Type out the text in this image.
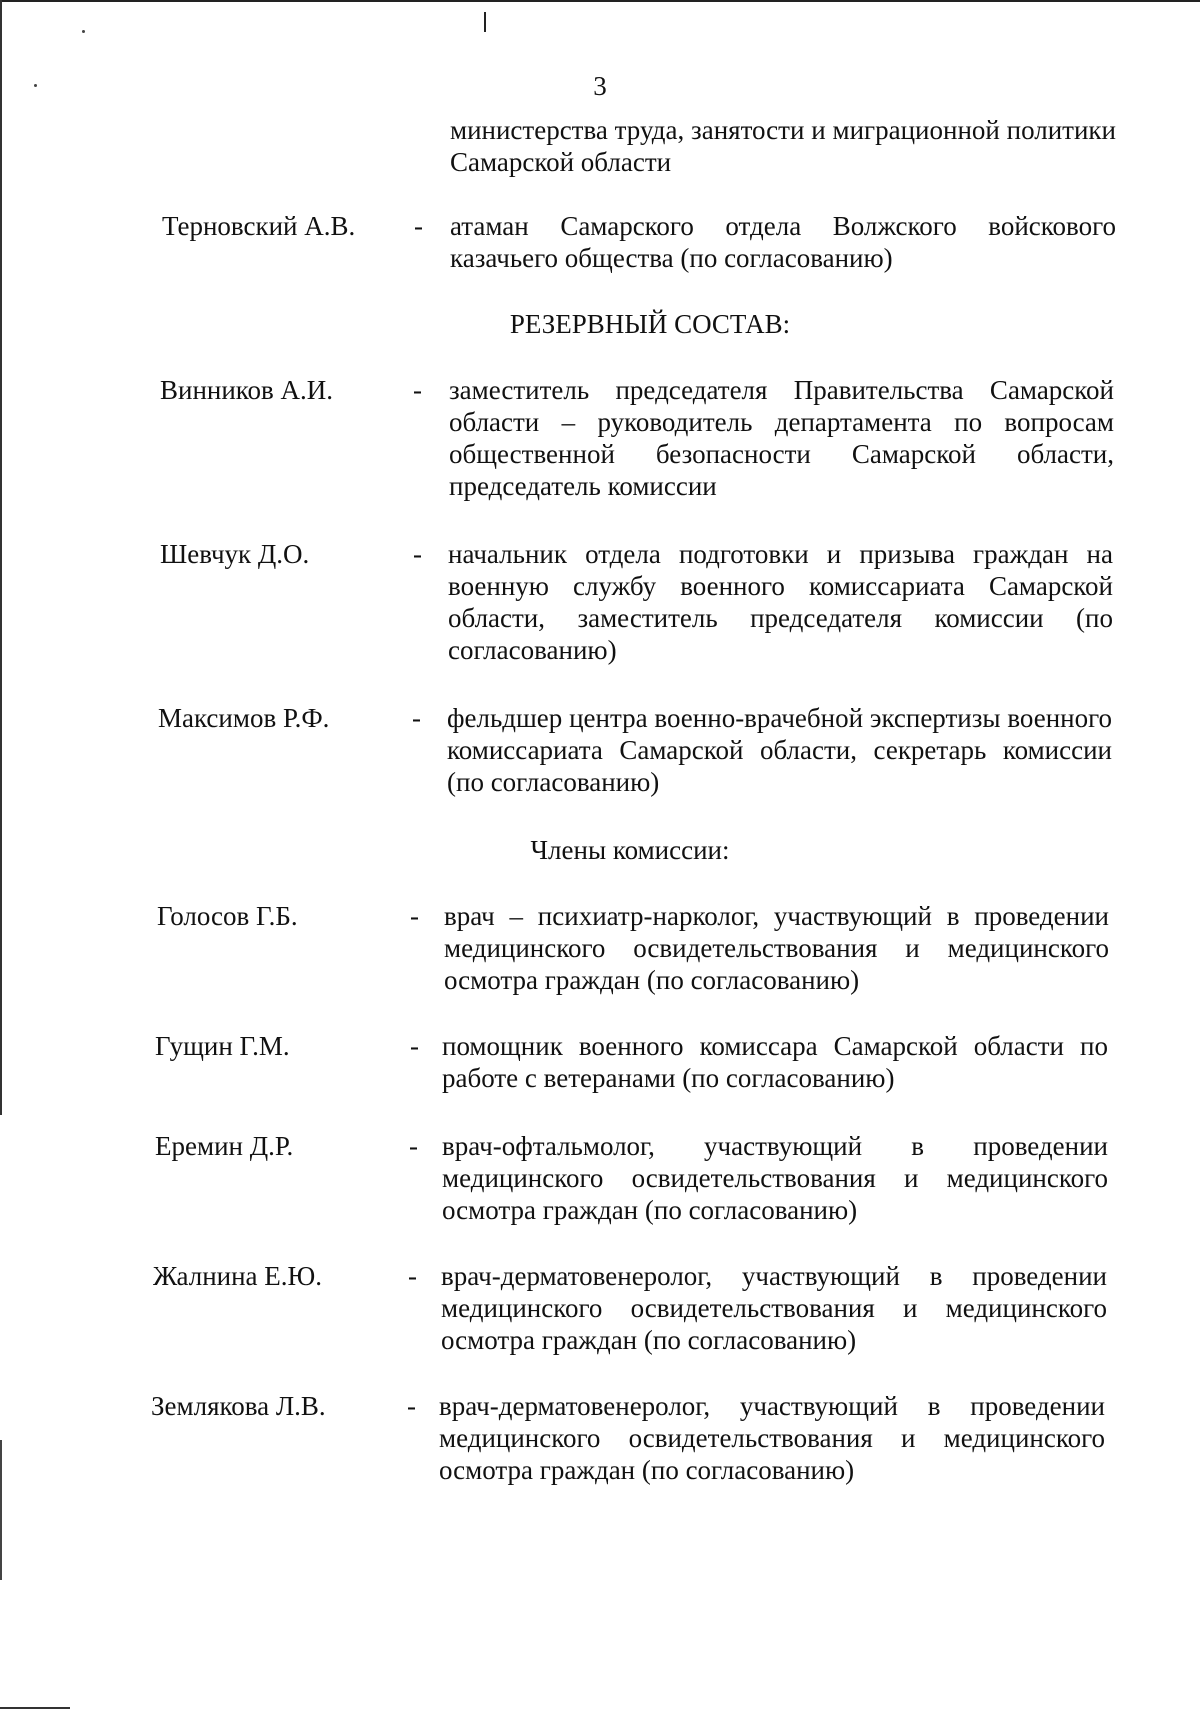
3
министерства труда, занятости и миграционной политики Самарской области
Терновский А.В. - атаман Самарского отдела Волжского войскового казачьего общества (по согласованию)
РЕЗЕРВНЫЙ СОСТАВ:
Винников А.И.	- заместитель председателя Правительства Самарской области – руководитель департамента по вопросам общественной безопасности Самарской области, председатель комиссии
Шевчук Д.О.	- начальник отдела подготовки и призыва граждан на военную службу военного комиссариата Самарской области, заместитель председателя комиссии (по согласованию)
Максимов Р.Ф.	- фельдшер центра военно-врачебной экспертизы военного комиссариата Самарской области, секретарь комиссии (по согласованию)
Члены комиссии:
Голосов Г.Б.	- врач – психиатр-нарколог, участвующий в проведении медицинского освидетельствования и медицинского осмотра граждан (по согласованию)
Гущин Г.М.	- помощник военного комиссара Самарской области по работе с ветеранами (по согласованию)
Еремин Д.Р.	- врач-офтальмолог, участвующий в проведении медицинского освидетельствования и медицинского осмотра граждан (по согласованию)
Жалнина Е.Ю.	- врач-дерматовенеролог, участвующий в проведении медицинского освидетельствования и медицинского осмотра граждан (по согласованию)
Землякова Л.В.	- врач-дерматовенеролог, участвующий в проведении медицинского освидетельствования и медицинского осмотра граждан (по согласованию)
